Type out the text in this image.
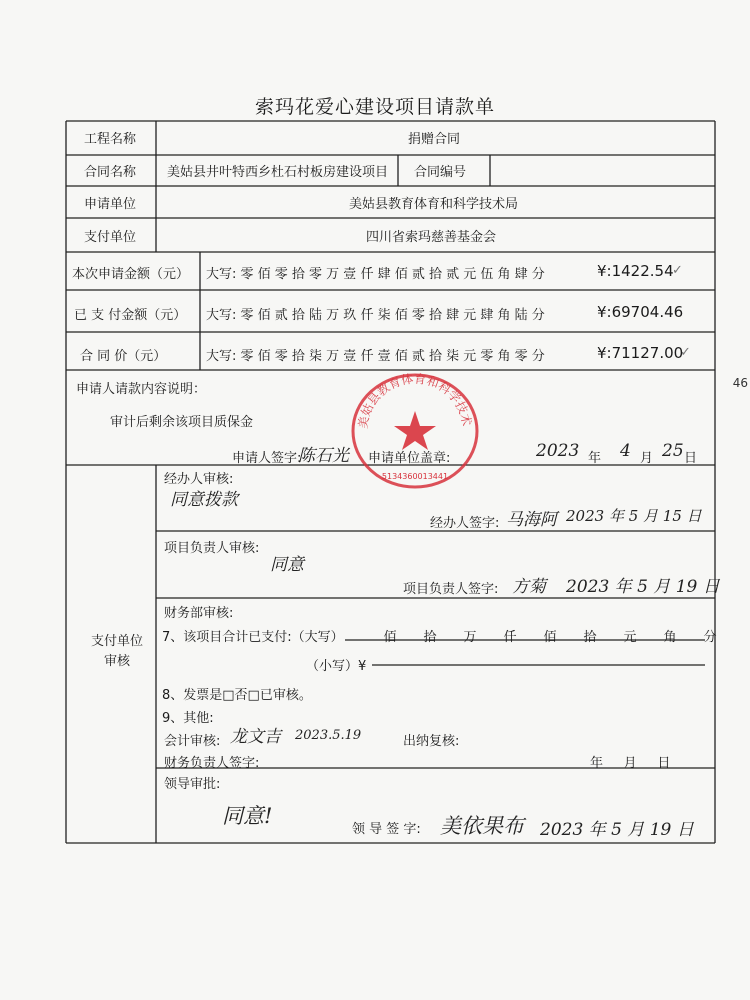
索玛花爱心建设项目请款单
工程名称	捐赠合同
合同名称 美姑县井叶特西乡杜石村板房建设项目 合同编号
申请单位	美姑县教育体育和科学技术局
支付单位	四川省索玛慈善基金会
本次申请金额（元） 大写: 零 佰 零 拾 零 万 壹 仟 肆 佰 贰 拾 贰 元 伍 角 肆 分	¥:1422.54
✓
已 支 付金额（元） 大写: 零 佰 贰 拾 陆 万 玖 仟 柒 佰 零 拾 肆 元 肆 角 陆 分	¥:69704.46
合 同 价（元）	大写: 零 佰 零 拾 柒 万 壹 仟 壹 佰 贰 拾 柒 元 零 角 零 分	¥:71127.00
✓
申请人请款内容说明：
审计后剩余该项目质保金
申请人签字:
陈石光 申请单位盖章:	2023 年 4 月 25 日
支付单位
审核
经办人审核:
同意拨款
经办人签字: 马海阿 2023 年 5 月 15 日
项目负责人审核:
同意
项目负责人签字: 方菊 2023 年 5 月 19 日
财务部审核:
7、该项目合计已支付:（大写）	佰 拾 万 仟 佰 拾 元 角 分
（小写）¥
8、发票是□否□已审核。
9、其他:
会计审核: 龙文吉 2023.5.19	出纳复核:
财务负责人签字:	年     月     日
领导审批:
同意!
领 导 签 字: 美依果布 2023 年 5 月 19 日
美姑县教育体育和科学技术
5134360013441
46
